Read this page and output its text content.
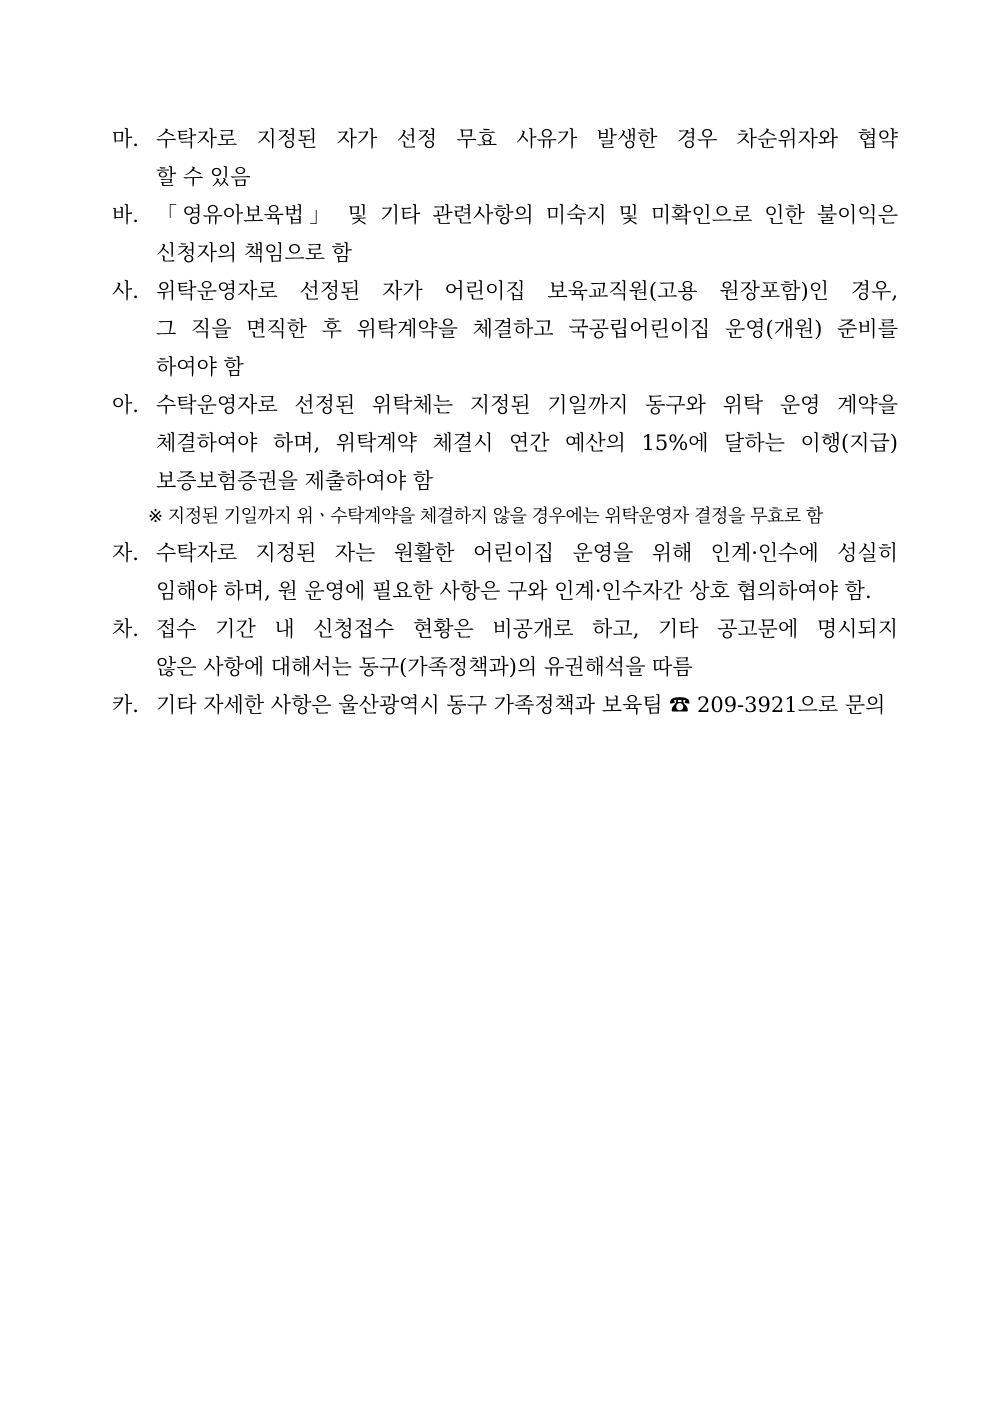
마. 수탁자로 지정된 자가 선정 무효 사유가 발생한 경우 차순위자와 협약
할 수 있음
바. 「영유아보육법」 및 기타 관련사항의 미숙지 및 미확인으로 인한 불이익은
신청자의 책임으로 함
사. 위탁운영자로 선정된 자가 어린이집 보육교직원(고용 원장포함)인 경우,
그 직을 면직한 후 위탁계약을 체결하고 국공립어린이집 운영(개원) 준비를
하여야 함
아. 수탁운영자로 선정된 위탁체는 지정된 기일까지 동구와 위탁 운영 계약을
체결하여야 하며, 위탁계약 체결시 연간 예산의 15%에 달하는 이행(지급)
보증보험증권을 제출하여야 함
※ 지정된 기일까지 위ㆍ수탁계약을 체결하지 않을 경우에는 위탁운영자 결정을 무효로 함
자. 수탁자로 지정된 자는 원활한 어린이집 운영을 위해 인계·인수에 성실히
임해야 하며, 원 운영에 필요한 사항은 구와 인계·인수자간 상호 협의하여야 함.
차. 접수 기간 내 신청접수 현황은 비공개로 하고, 기타 공고문에 명시되지
않은 사항에 대해서는 동구(가족정책과)의 유권해석을 따름
카. 기타 자세한 사항은 울산광역시 동구 가족정책과 보육팀 ☎ 209-3921으로 문의
